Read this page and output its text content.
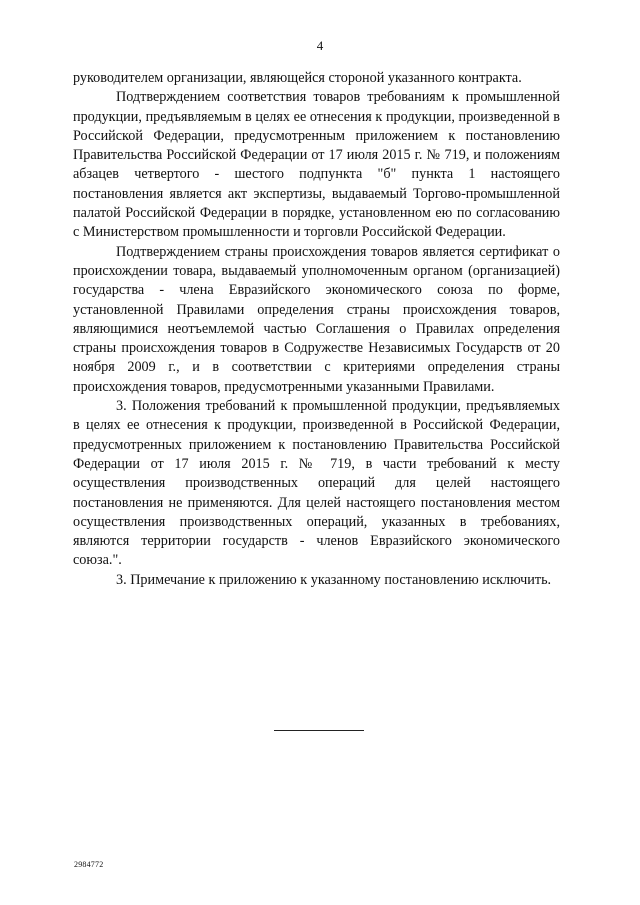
4

руководителем организации, являющейся стороной указанного контракта.

Подтверждением соответствия товаров требованиям к промышленной продукции, предъявляемым в целях ее отнесения к продукции, произведенной в Российской Федерации, предусмотренным приложением к постановлению Правительства Российской Федерации от 17 июля 2015 г. № 719, и положениям абзацев четвертого - шестого подпункта "б" пункта 1 настоящего постановления является акт экспертизы, выдаваемый Торгово-промышленной палатой Российской Федерации в порядке, установленном ею по согласованию с Министерством промышленности и торговли Российской Федерации.

Подтверждением страны происхождения товаров является сертификат о происхождении товара, выдаваемый уполномоченным органом (организацией) государства - члена Евразийского экономического союза по форме, установленной Правилами определения страны происхождения товаров, являющимися неотъемлемой частью Соглашения о Правилах определения страны происхождения товаров в Содружестве Независимых Государств от 20 ноября 2009 г., и в соответствии с критериями определения страны происхождения товаров, предусмотренными указанными Правилами.

3. Положения требований к промышленной продукции, предъявляемых в целях ее отнесения к продукции, произведенной в Российской Федерации, предусмотренных приложением к постановлению Правительства Российской Федерации от 17 июля 2015 г. № 719, в части требований к месту осуществления производственных операций для целей настоящего постановления не применяются. Для целей настоящего постановления местом осуществления производственных операций, указанных в требованиях, являются территории государств - членов Евразийского экономического союза.".

3. Примечание к приложению к указанному постановлению исключить.

2984772
